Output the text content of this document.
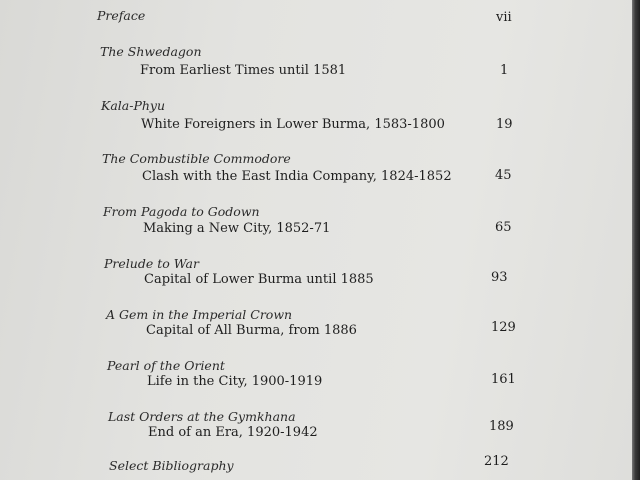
Preface	vii
The Shwedagon
From Earliest Times until 1581	1
Kala-Phyu
White Foreigners in Lower Burma, 1583-1800	19
The Combustible Commodore
Clash with the East India Company, 1824-1852	45
From Pagoda to Godown
Making a New City, 1852-71	65
Prelude to War
Capital of Lower Burma until 1885	93
A Gem in the Imperial Crown
Capital of All Burma, from 1886	129
Pearl of the Orient
Life in the City, 1900-1919	161
Last Orders at the Gymkhana
End of an Era, 1920-1942	189
Select Bibliography	212
